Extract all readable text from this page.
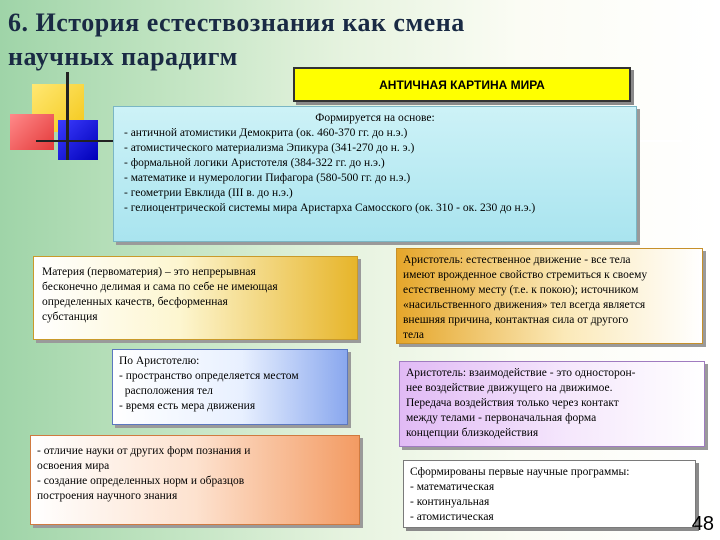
6. История естествознания как смена
научных парадигм
АНТИЧНАЯ КАРТИНА МИРА
Формируется на основе:
- античной атомистики Демокрита (ок. 460-370 гг. до н.э.)
- атомистического материализма Эпикура (341-270 до н. э.)
- формальной логики Аристотеля (384-322 гг. до н.э.)
- математике и нумерологии Пифагора (580-500 гг. до н.э.)
- геометрии Евклида (III в. до н.э.)
- гелиоцентрической системы мира Аристарха Самосского (ок. 310 - ок. 230 до н.э.)
Материя (первоматерия) – это непрерывная
бесконечно делимая и сама по себе не имеющая
определенных качеств, бесформенная
субстанция
По Аристотелю:
- пространство определяется местом
расположения тел
- время есть мера движения
- отличие науки от других форм познания и
освоения мира
- создание определенных норм и образцов
построения научного знания
Аристотель: естественное движение - все тела
имеют врожденное свойство стремиться к своему
естественному месту (т.е. к покою); источником
«насильственного движения» тел всегда является
внешняя причина, контактная сила от другого
тела
Аристотель: взаимодействие - это односторон-
нее воздействие движущего на движимое.
Передача воздействия только через контакт
между телами - первоначальная форма
концепции близкодействия
Сформированы первые научные программы:
- математическая
- континуальная
- атомистическая	48
